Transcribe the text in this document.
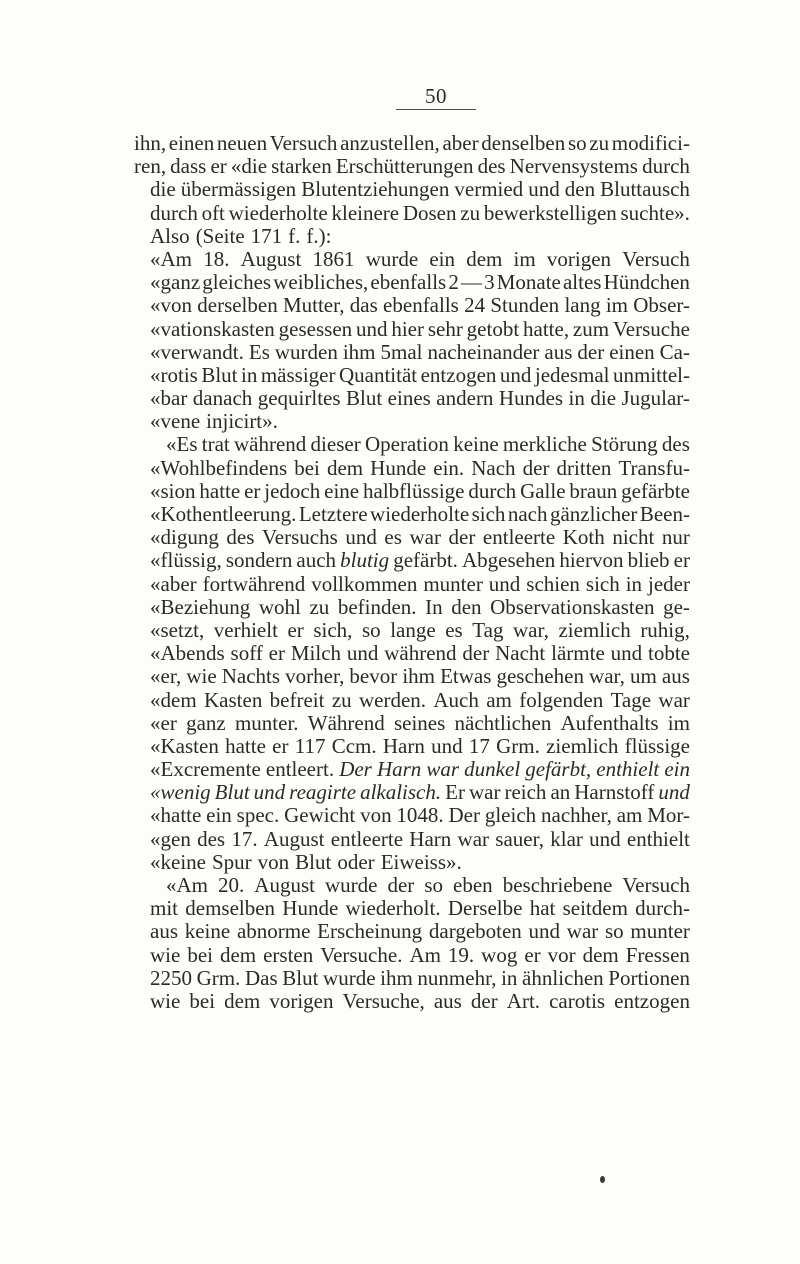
50
ihn, einen neuen Versuch anzustellen, aber denselben so zu modifici-
ren, dass er «die starken Erschütterungen des Nervensystems durch
die übermässigen Blutentziehungen vermied und den Bluttausch
durch oft wiederholte kleinere Dosen zu bewerkstelligen suchte».
Also (Seite 171 f. f.):
«Am 18. August 1861 wurde ein dem im vorigen Versuch
«ganz gleiches weibliches, ebenfalls 2 — 3 Monate altes Hündchen
«von derselben Mutter, das ebenfalls 24 Stunden lang im Obser-
«vationskasten gesessen und hier sehr getobt hatte, zum Versuche
«verwandt. Es wurden ihm 5mal nacheinander aus der einen Ca-
«rotis Blut in mässiger Quantität entzogen und jedesmal unmittel-
«bar danach gequirltes Blut eines andern Hundes in die Jugular-
«vene injicirt».
«Es trat während dieser Operation keine merkliche Störung des
«Wohlbefindens bei dem Hunde ein. Nach der dritten Transfu-
«sion hatte er jedoch eine halbflüssige durch Galle braun gefärbte
«Kothentleerung. Letztere wiederholte sich nach gänzlicher Been-
«digung des Versuchs und es war der entleerte Koth nicht nur
«flüssig, sondern auch blutig gefärbt. Abgesehen hiervon blieb er
«aber fortwährend vollkommen munter und schien sich in jeder
«Beziehung wohl zu befinden. In den Observationskasten ge-
«setzt, verhielt er sich, so lange es Tag war, ziemlich ruhig,
«Abends soff er Milch und während der Nacht lärmte und tobte
«er, wie Nachts vorher, bevor ihm Etwas geschehen war, um aus
«dem Kasten befreit zu werden. Auch am folgenden Tage war
«er ganz munter. Während seines nächtlichen Aufenthalts im
«Kasten hatte er 117 Ccm. Harn und 17 Grm. ziemlich flüssige
«Excremente entleert. Der Harn war dunkel gefärbt, enthielt ein
«wenig Blut und reagirte alkalisch. Er war reich an Harnstoff und
«hatte ein spec. Gewicht von 1048. Der gleich nachher, am Mor-
«gen des 17. August entleerte Harn war sauer, klar und enthielt
«keine Spur von Blut oder Eiweiss».
«Am 20. August wurde der so eben beschriebene Versuch
mit demselben Hunde wiederholt. Derselbe hat seitdem durch-
aus keine abnorme Erscheinung dargeboten und war so munter
wie bei dem ersten Versuche. Am 19. wog er vor dem Fressen
2250 Grm. Das Blut wurde ihm nunmehr, in ähnlichen Portionen
wie bei dem vorigen Versuche, aus der Art. carotis entzogen
